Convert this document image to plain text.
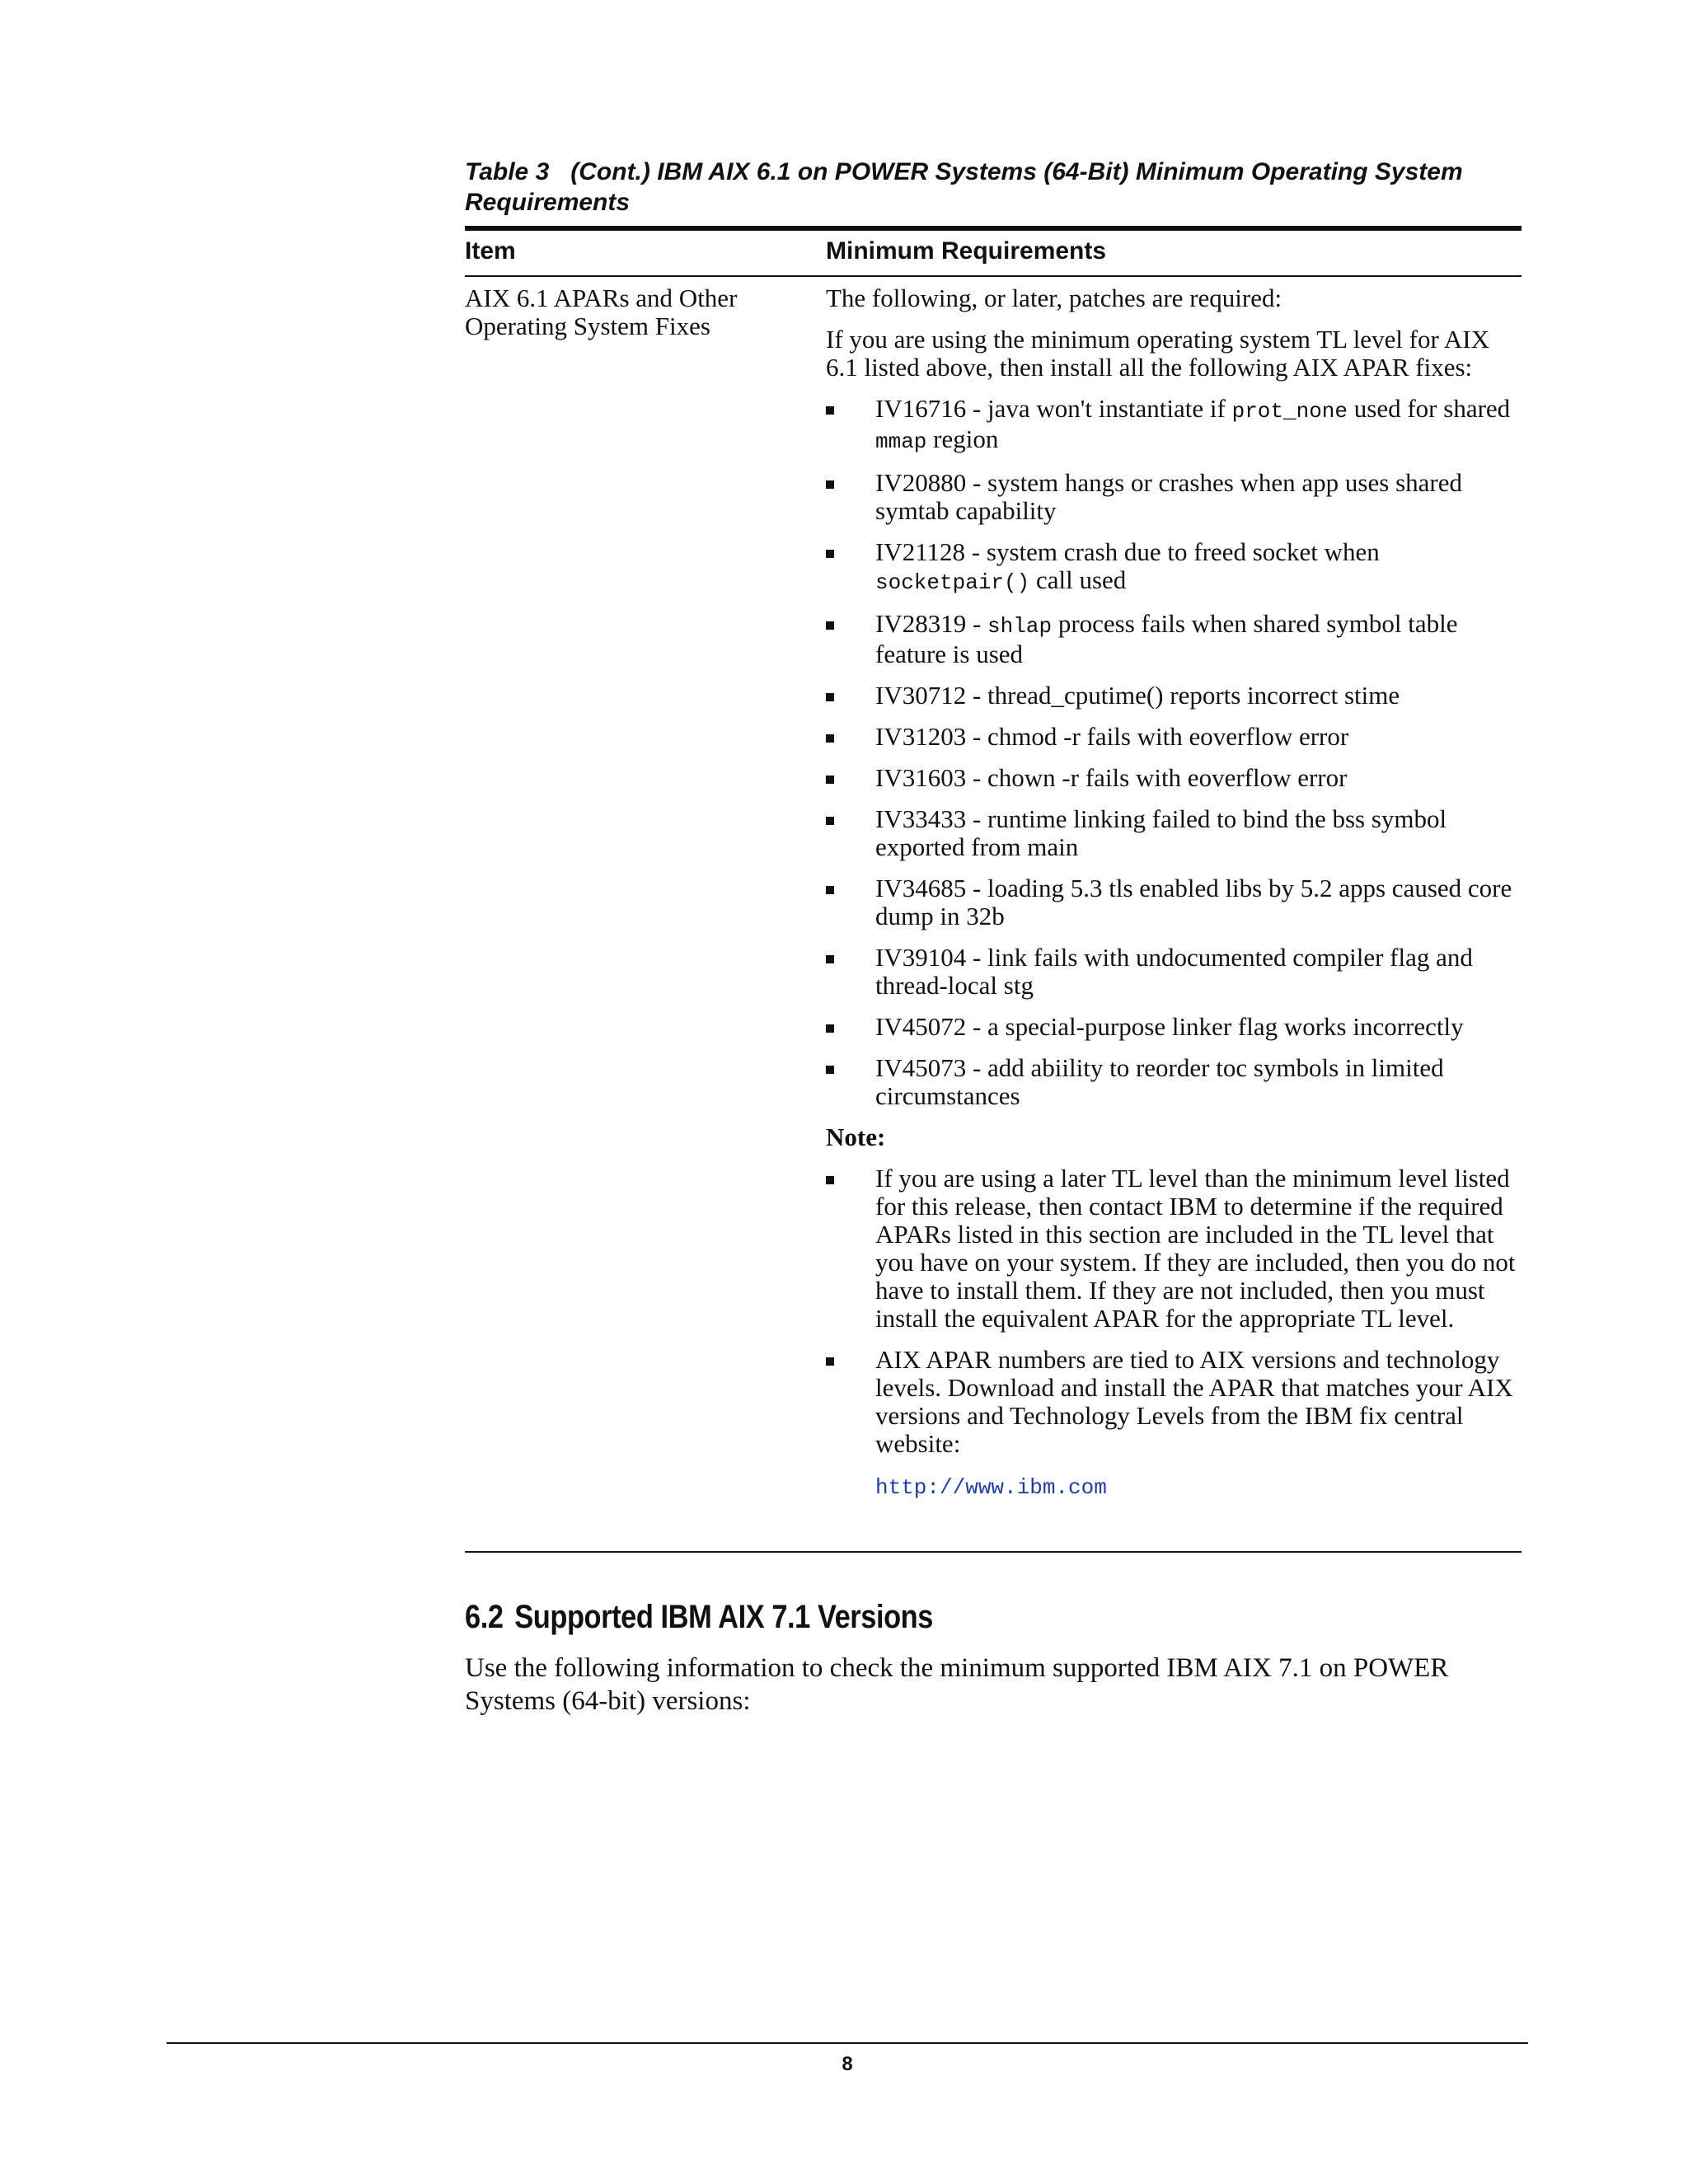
Table 3 (Cont.) IBM AIX 6.1 on POWER Systems (64-Bit) Minimum Operating System Requirements
Item	Minimum Requirements
AIX 6.1 APARs and Other Operating System Fixes

The following, or later, patches are required:

If you are using the minimum operating system TL level for AIX 6.1 listed above, then install all the following AIX APAR fixes:

IV16716 - java won't instantiate if prot_none used for shared mmap region
IV20880 - system hangs or crashes when app uses shared symtab capability
IV21128 - system crash due to freed socket when socketpair() call used
IV28319 - shlap process fails when shared symbol table feature is used
IV30712 - thread_cputime() reports incorrect stime
IV31203 - chmod -r fails with eoverflow error
IV31603 - chown -r fails with eoverflow error
IV33433 - runtime linking failed to bind the bss symbol exported from main
IV34685 - loading 5.3 tls enabled libs by 5.2 apps caused core dump in 32b
IV39104 - link fails with undocumented compiler flag and thread-local stg
IV45072 - a special-purpose linker flag works incorrectly
IV45073 - add abiility to reorder toc symbols in limited circumstances

Note:

If you are using a later TL level than the minimum level listed for this release, then contact IBM to determine if the required APARs listed in this section are included in the TL level that you have on your system. If they are included, then you do not have to install them. If they are not included, then you must install the equivalent APAR for the appropriate TL level.
AIX APAR numbers are tied to AIX versions and technology levels. Download and install the APAR that matches your AIX versions and Technology Levels from the IBM fix central website:

http://www.ibm.com

6.2 Supported IBM AIX 7.1 Versions
Use the following information to check the minimum supported IBM AIX 7.1 on POWER Systems (64-bit) versions:
8
